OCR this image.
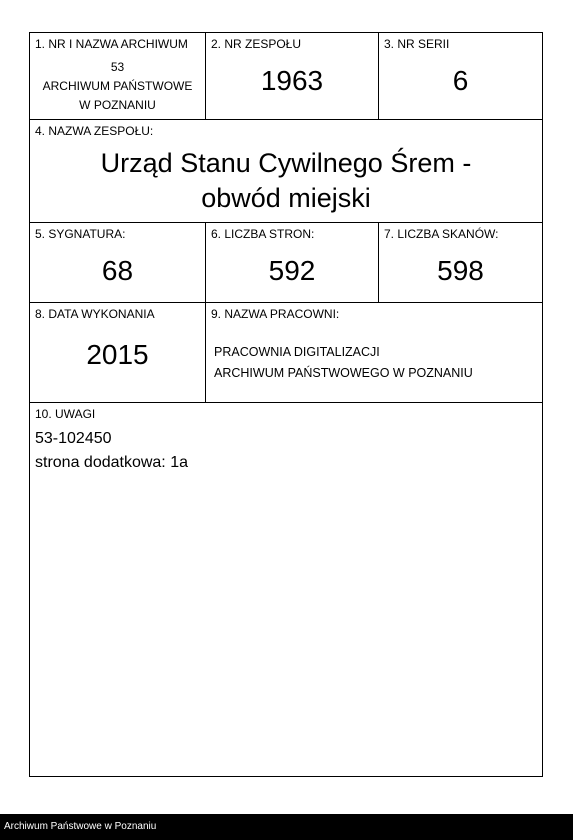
1. NR I NAZWA ARCHIWUM
53
ARCHIWUM PAŃSTWOWE
W POZNANIU
2. NR ZESPOŁU
1963
3. NR SERII
6
4. NAZWA ZESPOŁU:
Urząd Stanu Cywilnego Śrem -
obwód miejski
5. SYGNATURA:
68
6. LICZBA STRON:
592
7. LICZBA SKANÓW:
598
8. DATA WYKONANIA
2015
9. NAZWA PRACOWNI:
PRACOWNIA DIGITALIZACJI
ARCHIWUM PAŃSTWOWEGO W POZNANIU
10. UWAGI
53-102450
strona dodatkowa: 1a
Archiwum Państwowe w Poznaniu
